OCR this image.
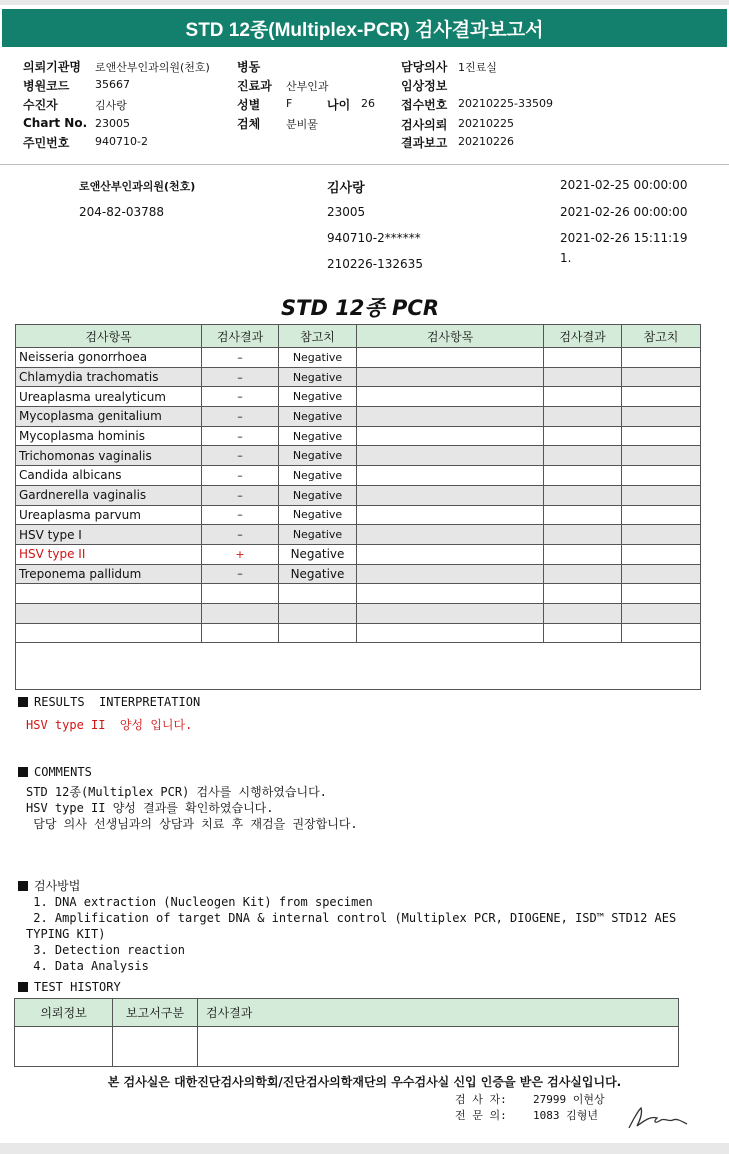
STD 12종(Multiplex-PCR) 검사결과보고서
의뢰기관명 로앤산부인과의원(천호)
병원코드 35667
수진자	김사랑
Chart No. 23005
주민번호 940710-2
병동
진료과 산부인과
성별 F	나이 26
검체 분비물
담당의사 1진료실
임상정보
접수번호 20210225-33509
검사의뢰 20210225
결과보고 20210226
로앤산부인과의원(천호)
204-82-03788
김사랑
23005
940710-2******
210226-132635
2021-02-25 00:00:00
2021-02-26 00:00:00
2021-02-26 15:11:19
1.
STD 12종 PCR
검사항목	검사결과	참고치	검사항목	검사결과	참고치
Neisseria gonorrhoea	–	Negative			
Chlamydia trachomatis	–	Negative			
Ureaplasma urealyticum	–	Negative			
Mycoplasma genitalium	–	Negative			
Mycoplasma hominis	–	Negative			
Trichomonas vaginalis	–	Negative			
Candida albicans	–	Negative			
Gardnerella vaginalis	–	Negative			
Ureaplasma parvum	–	Negative			
HSV type I	–	Negative			
HSV type II	+	Negative			
Treponema pallidum	–	Negative			

RESULTS  INTERPRETATION
HSV type II  양성 입니다.
COMMENTS
STD 12종(Multiplex PCR) 검사를 시행하였습니다.
HSV type II 양성 결과를 확인하였습니다.
담당 의사 선생님과의 상담과 치료 후 재검을 권장합니다.
검사방법
1. DNA extraction (Nucleogen Kit) from specimen
2. Amplification of target DNA & internal control (Multiplex PCR, DIOGENE, ISD™ STD12 AES
TYPING KIT)
3. Detection reaction
4. Data Analysis
TEST HISTORY
의뢰정보	보고서구분	검사결과

본 검사실은 대한진단검사의학회/진단검사의학재단의 우수검사실 신입 인증을 받은 검사실입니다.
검 사 자: 27999 이현상
전 문 의: 1083 김형년
